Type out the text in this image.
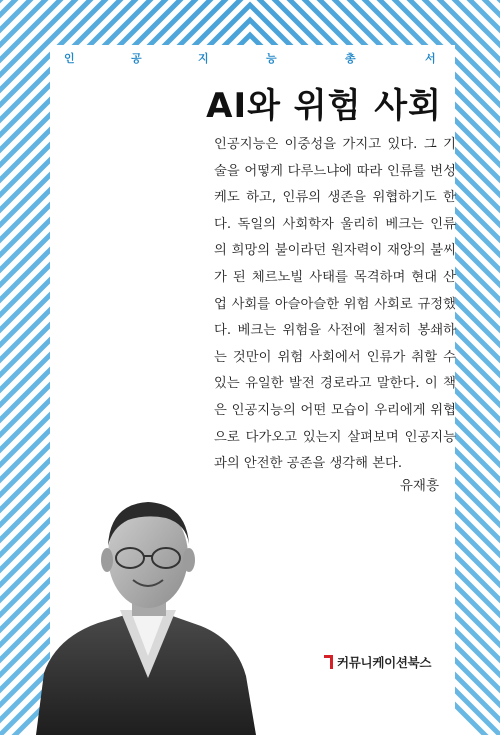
인	공	지	능	총	서
AI와 위험 사회
인공지능은 이중성을 가지고 있다. 그 기술을 어떻게 다루느냐에 따라 인류를 번성케도 하고, 인류의 생존을 위협하기도 한다. 독일의 사회학자 울리히 베크는 인류의 희망의 불이라던 원자력이 재앙의 불씨가 된 체르노빌 사태를 목격하며 현대 산업 사회를 아슬아슬한 위험 사회로 규정했다. 베크는 위험을 사전에 철저히 봉쇄하는 것만이 위험 사회에서 인류가 취할 수 있는 유일한 발전 경로라고 말한다. 이 책은 인공지능의 어떤 모습이 우리에게 위협으로 다가오고 있는지 살펴보며 인공지능과의 안전한 공존을 생각해 본다.
유재흥
커뮤니케이션북스
